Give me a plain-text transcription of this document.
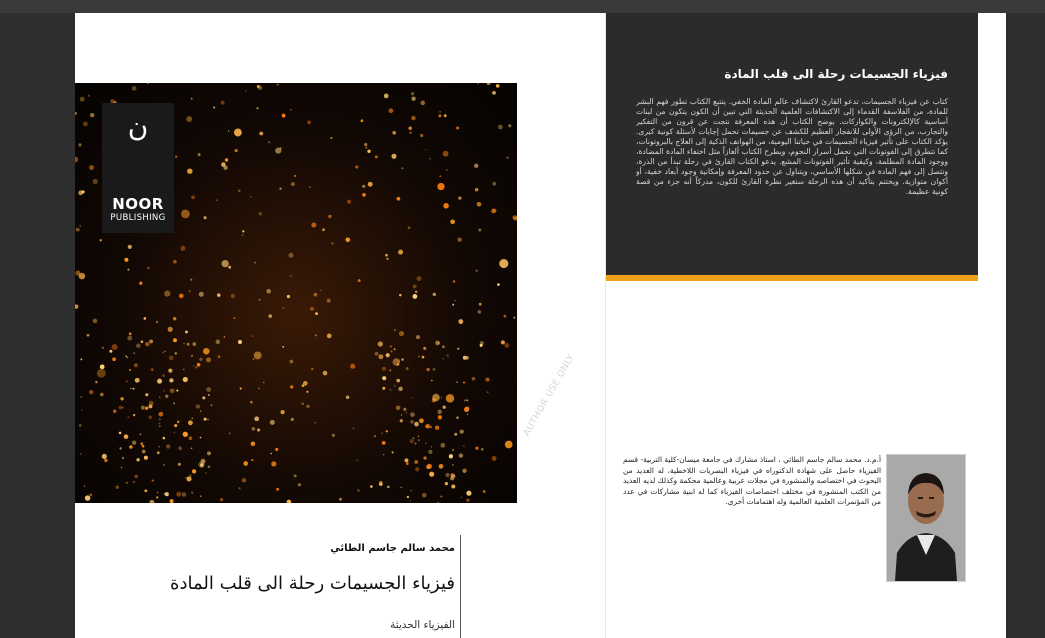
فيزياء الجسيمات رحلة الى قلب المادة
كتاب عن فيزياء الجسيمات، تدعو القارئ لاكتشاف عالم المادة الخفي. يتتبع الكتاب تطور فهم البشر للمادة، من الفلاسفة القدماء إلى الاكتشافات العلمية الحديثة التي تبين أن الكون يتكون من لبنات أساسية كالإلكترونات والكواركات. يوضح الكتاب أن هذه المعرفة نتجت عن قرون من التفكير والتجارب، من الرؤى الأولى للانفجار العظيم للكشف عن جسيمات تحمل إجابات لأسئلة كونية كبرى. يؤكد الكتاب على تأثير فيزياء الجسيمات في حياتنا اليومية، من الهواتف الذكية إلى العلاج بالبروتونات، كما تتطرق إلى الفوتونات التي تحمل أسرار النجوم، ويطرح الكتاب ألغازاً مثل اختفاء المادة المضادة، ووجود المادة المظلمة، وكيفية تأثير الفوتونات المشع. يدعو الكتاب القارئ في رحلة تبدأ من الذرة، وتتصل إلى فهم المادة في شكلها الأساسي، ويتناول عن حدود المعرفة وإمكانية وجود أبعاد خفية، أو أكوان متوازية. ويختتم بتأكيد أن هذه الرحلة ستغير نظرة القارئ للكون، مدركاً أنه جزء من قصة كونية عظيمة.
AUTHOR USE ONLY
أ.م.د. محمد سالم جاسم الطائي ، استاذ مشارك في جامعة ميسان-كلية التربية- قسم الفيزياء حاصل على شهادة الدكتوراه في فيزياء البصريات اللاخطية، له العديد من البحوث في اختصاصه والمنشورة في مجلات عربية وعالمية محكمة وكذلك لديه العديد من الكتب المنشورة في مختلف اختصاصات الفيزياء كما له ابنية مشاركات في عدد من المؤتمرات العلمية العالمية وله اهتمامات أخرى.
ن
NOOR
PUBLISHING
محمد سالم جاسم الطائي
فيزياء الجسيمات رحلة الى قلب المادة
الفيزياء الحديثة
